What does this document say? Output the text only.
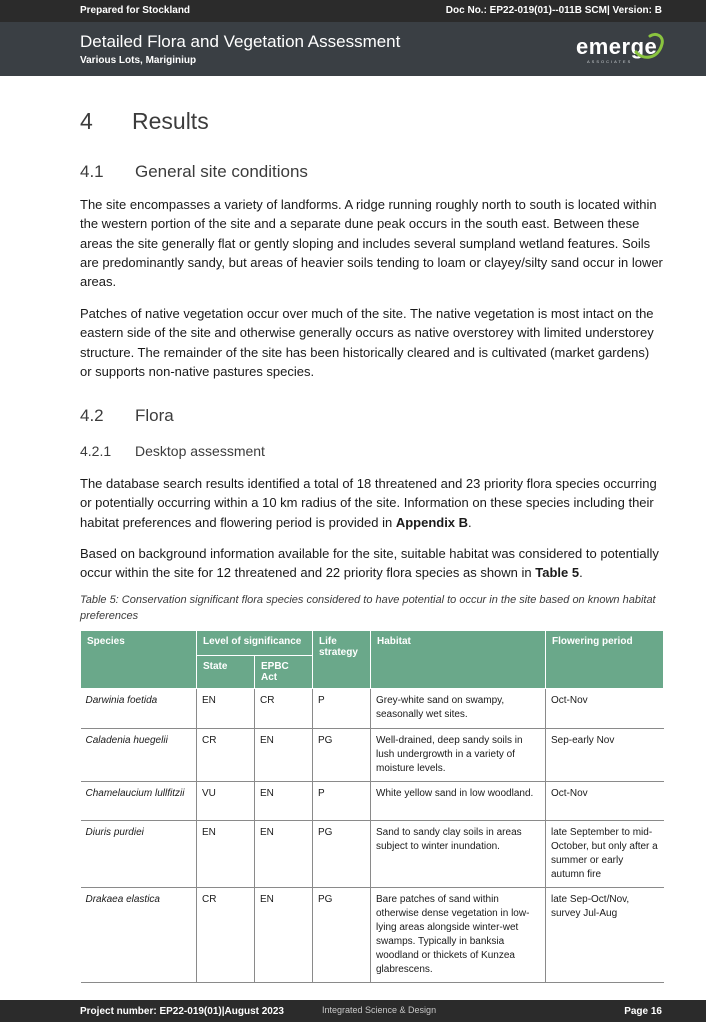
Prepared for Stockland	Doc No.: EP22-019(01)--011B SCM| Version: B
Detailed Flora and Vegetation Assessment
Various Lots, Mariginiup
emerge
ASSOCIATES
4 Results
4.1 General site conditions
The site encompasses a variety of landforms. A ridge running roughly north to south is located within the western portion of the site and a separate dune peak occurs in the south east. Between these areas the site generally flat or gently sloping and includes several sumpland wetland features. Soils are predominantly sandy, but areas of heavier soils tending to loam or clayey/silty sand occur in lower areas.
Patches of native vegetation occur over much of the site. The native vegetation is most intact on the eastern side of the site and otherwise generally occurs as native overstorey with limited understorey structure. The remainder of the site has been historically cleared and is cultivated (market gardens) or supports non-native pastures species.
4.2 Flora
4.2.1 Desktop assessment
The database search results identified a total of 18 threatened and 23 priority flora species occurring or potentially occurring within a 10 km radius of the site. Information on these species including their habitat preferences and flowering period is provided in Appendix B.
Based on background information available for the site, suitable habitat was considered to potentially occur within the site for 12 threatened and 22 priority flora species as shown in Table 5.
Table 5: Conservation significant flora species considered to have potential to occur in the site based on known habitat preferences
Species	Level of significance		Life strategy	Habitat	Flowering period
	State	EPBC Act			
Darwinia foetida	EN	CR	P	Grey-white sand on swampy, seasonally wet sites.	Oct-Nov
Caladenia huegelii	CR	EN	PG	Well-drained, deep sandy soils in lush undergrowth in a variety of moisture levels.	Sep-early Nov
Chamelaucium lullfitzii	VU	EN	P	White yellow sand in low woodland.	Oct-Nov
Diuris purdiei	EN	EN	PG	Sand to sandy clay soils in areas subject to winter inundation.	late September to mid-October, but only after a summer or early autumn fire
Drakaea elastica	CR	EN	PG	Bare patches of sand within otherwise dense vegetation in low-lying areas alongside winter-wet swamps. Typically in banksia woodland or thickets of Kunzea glabrescens.	late Sep-Oct/Nov, survey Jul-Aug
Project number: EP22-019(01)|August 2023	Integrated Science & Design	Page 16
